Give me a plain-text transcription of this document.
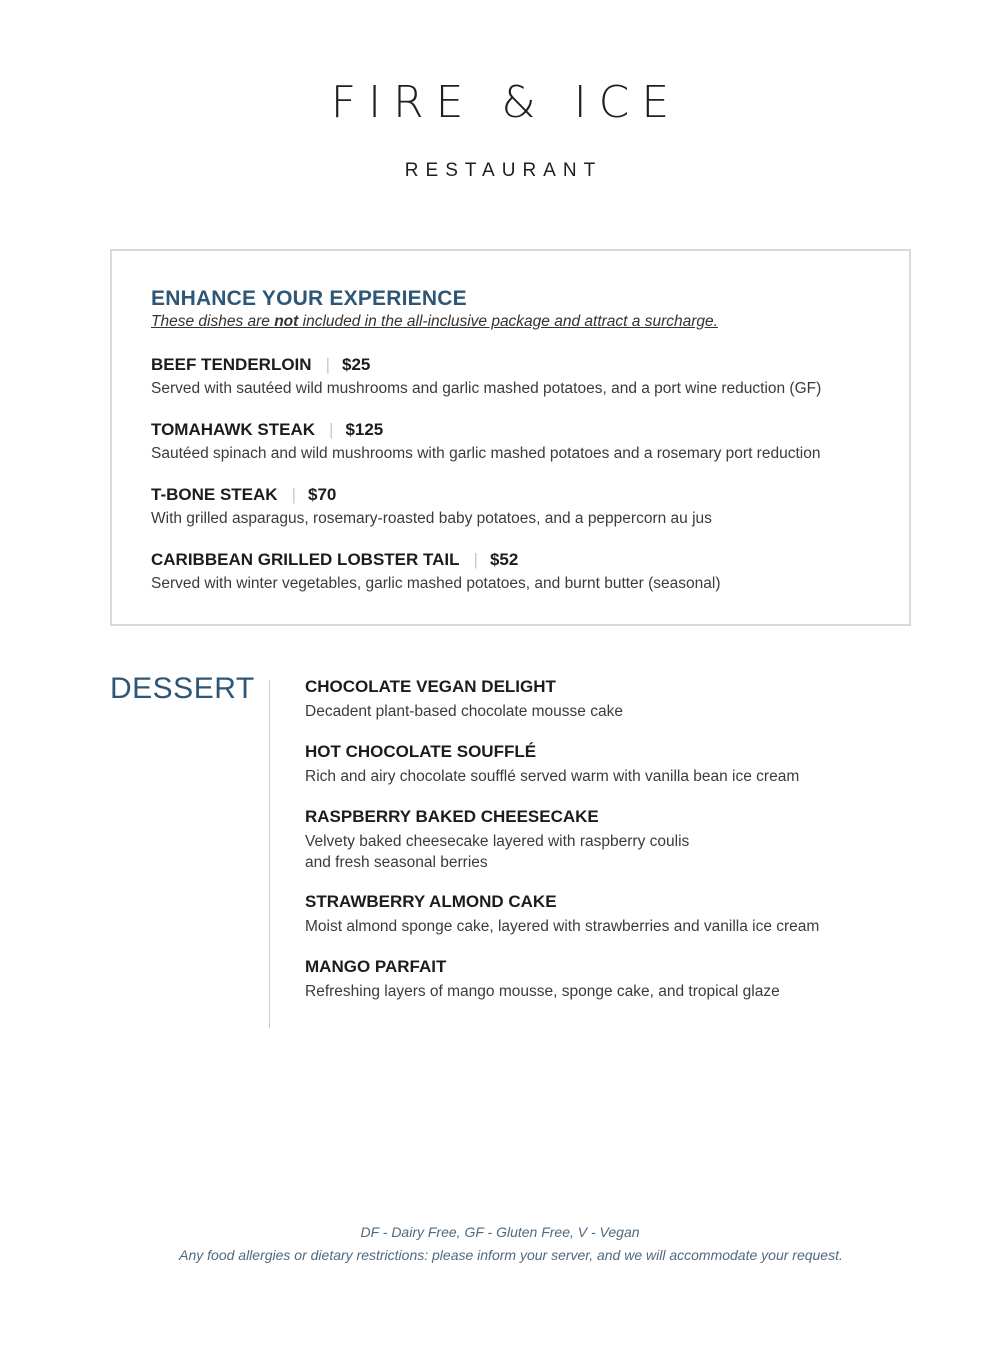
FIRE & ICE
RESTAURANT
ENHANCE YOUR EXPERIENCE
These dishes are not included in the all-inclusive package and attract a surcharge.
BEEF TENDERLOIN | $25
Served with sautéed wild mushrooms and garlic mashed potatoes, and a port wine reduction (GF)
TOMAHAWK STEAK | $125
Sautéed spinach and wild mushrooms with garlic mashed potatoes and a rosemary port reduction
T-BONE STEAK | $70
With grilled asparagus, rosemary-roasted baby potatoes, and a peppercorn au jus
CARIBBEAN GRILLED LOBSTER TAIL | $52
Served with winter vegetables, garlic mashed potatoes, and burnt butter (seasonal)
DESSERT	CHOCOLATE VEGAN DELIGHT
Decadent plant-based chocolate mousse cake
HOT CHOCOLATE SOUFFLÉ
Rich and airy chocolate soufflé served warm with vanilla bean ice cream
RASPBERRY BAKED CHEESECAKE
Velvety baked cheesecake layered with raspberry coulis
and fresh seasonal berries
STRAWBERRY ALMOND CAKE
Moist almond sponge cake, layered with strawberries and vanilla ice cream
MANGO PARFAIT
Refreshing layers of mango mousse, sponge cake, and tropical glaze
DF - Dairy Free, GF - Gluten Free, V - Vegan
Any food allergies or dietary restrictions: please inform your server, and we will accommodate your request.
